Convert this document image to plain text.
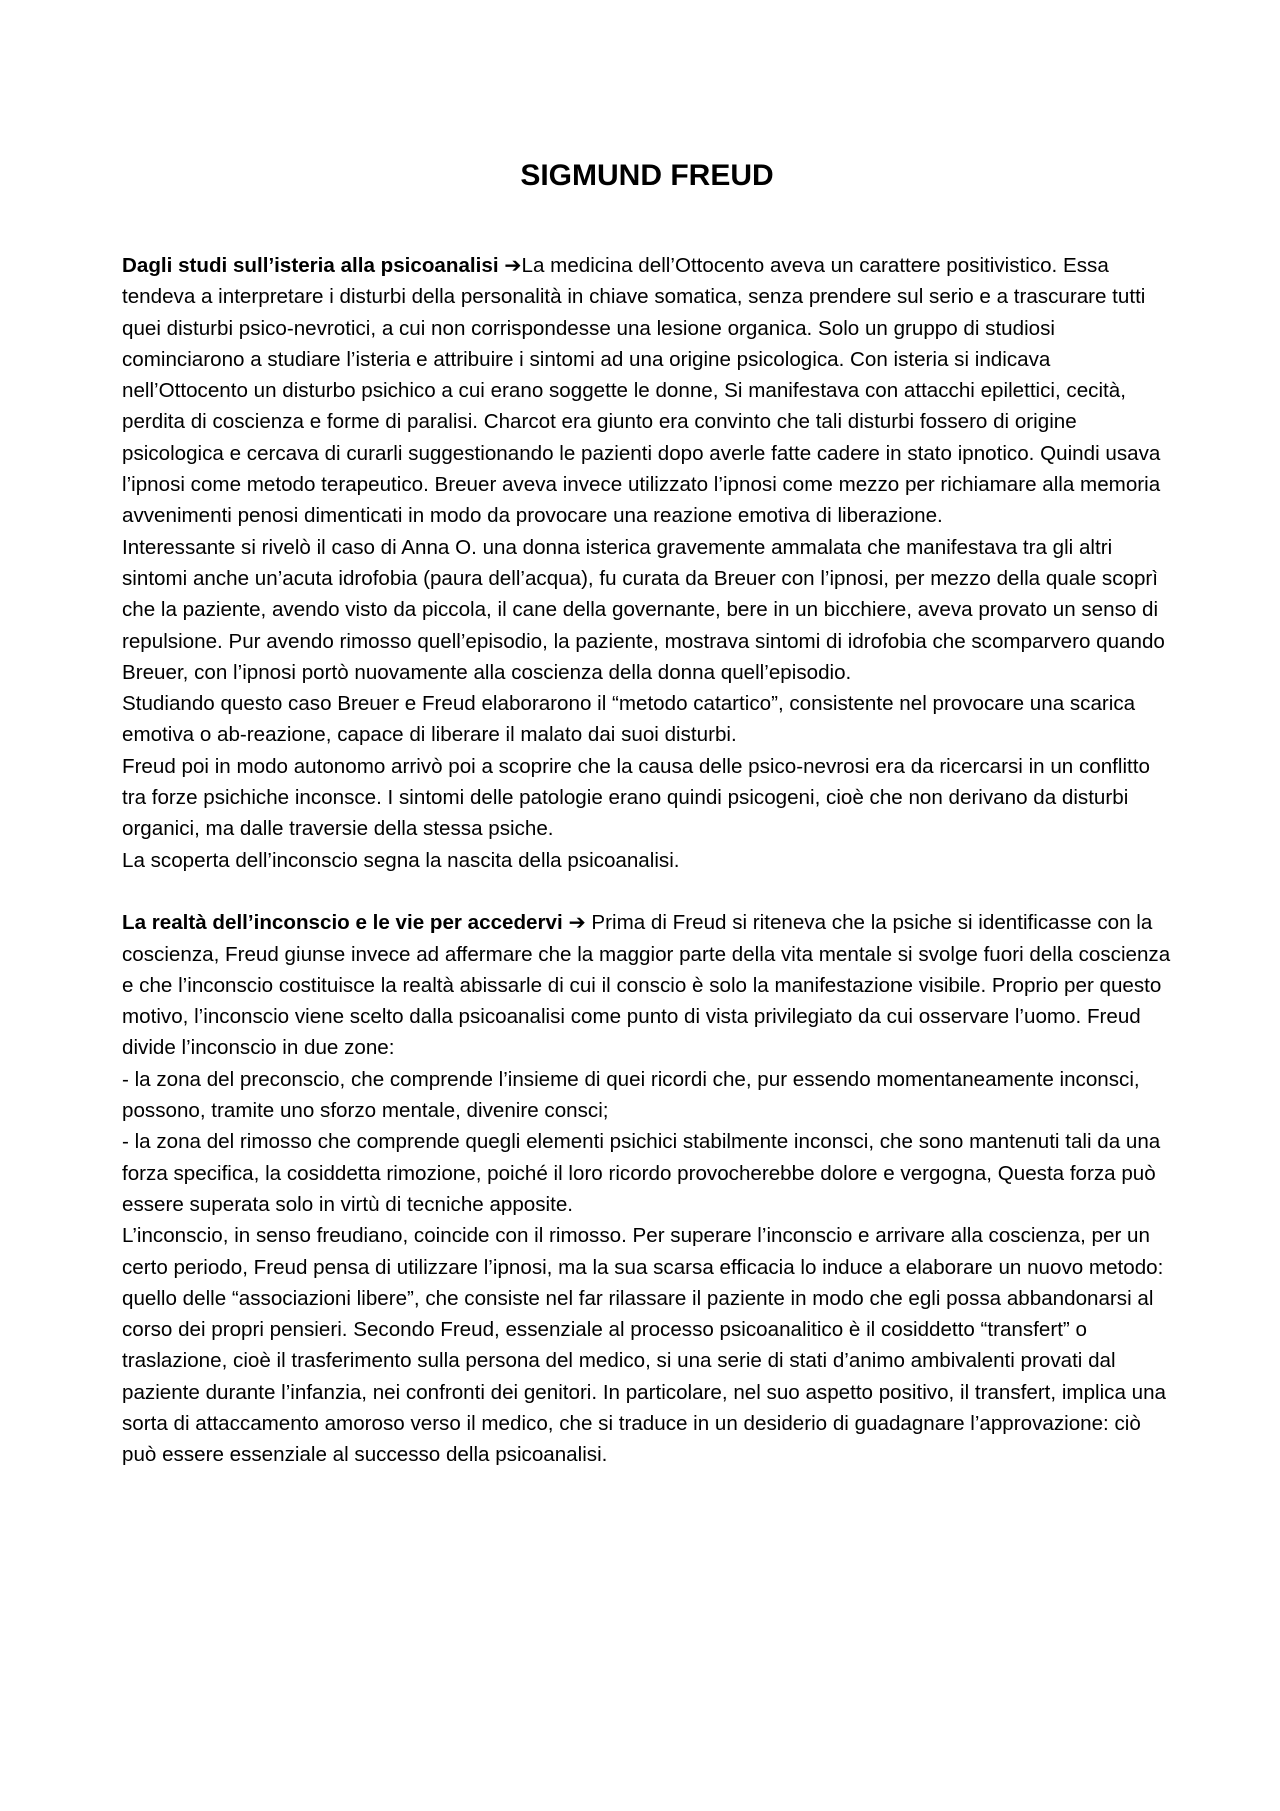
SIGMUND FREUD

Dagli studi sull’isteria alla psicoanalisi ➔La medicina dell’Ottocento aveva un carattere positivistico. Essa tendeva a interpretare i disturbi della personalità in chiave somatica, senza prendere sul serio e a trascurare tutti quei disturbi psico-nevrotici, a cui non corrispondesse una lesione organica. Solo un gruppo di studiosi cominciarono a studiare l’isteria e attribuire i sintomi ad una origine psicologica. Con isteria si indicava nell’Ottocento un disturbo psichico a cui erano soggette le donne, Si manifestava con attacchi epilettici, cecità, perdita di coscienza e forme di paralisi. Charcot era giunto era convinto che tali disturbi fossero di origine psicologica e cercava di curarli suggestionando le pazienti dopo averle fatte cadere in stato ipnotico. Quindi usava l’ipnosi come metodo terapeutico. Breuer aveva invece utilizzato l’ipnosi come mezzo per richiamare alla memoria avvenimenti penosi dimenticati in modo da provocare una reazione emotiva di liberazione.

Interessante si rivelò il caso di Anna O. una donna isterica gravemente ammalata che manifestava tra gli altri sintomi anche un’acuta idrofobia (paura dell’acqua), fu curata da Breuer con l’ipnosi, per mezzo della quale scoprì che la paziente, avendo visto da piccola, il cane della governante, bere in un bicchiere, aveva provato un senso di repulsione. Pur avendo rimosso quell’episodio, la paziente, mostrava sintomi di idrofobia che scomparvero quando Breuer, con l’ipnosi portò nuovamente alla coscienza della donna quell’episodio.

Studiando questo caso Breuer e Freud elaborarono il “metodo catartico”, consistente nel provocare una scarica emotiva o ab-reazione, capace di liberare il malato dai suoi disturbi.

Freud poi in modo autonomo arrivò poi a scoprire che la causa delle psico-nevrosi era da ricercarsi in un conflitto tra forze psichiche inconsce. I sintomi delle patologie erano quindi psicogeni, cioè che non derivano da disturbi organici, ma dalle traversie della stessa psiche.

La scoperta dell’inconscio segna la nascita della psicoanalisi.

La realtà dell’inconscio e le vie per accedervi ➔ Prima di Freud si riteneva che la psiche si identificasse con la coscienza, Freud giunse invece ad affermare che la maggior parte della vita mentale si svolge fuori della coscienza e che l’inconscio costituisce la realtà abissarle di cui il conscio è solo la manifestazione visibile. Proprio per questo motivo, l’inconscio viene scelto dalla psicoanalisi come punto di vista privilegiato da cui osservare l’uomo. Freud divide l’inconscio in due zone:

- la zona del preconscio, che comprende l’insieme di quei ricordi che, pur essendo momentaneamente inconsci, possono, tramite uno sforzo mentale, divenire consci;

- la zona del rimosso che comprende quegli elementi psichici stabilmente inconsci, che sono mantenuti tali da una forza specifica, la cosiddetta rimozione, poiché il loro ricordo provocherebbe dolore e vergogna, Questa forza può essere superata solo in virtù di tecniche apposite.

L’inconscio, in senso freudiano, coincide con il rimosso. Per superare l’inconscio e arrivare alla coscienza, per un certo periodo, Freud pensa di utilizzare l’ipnosi, ma la sua scarsa efficacia lo induce a elaborare un nuovo metodo: quello delle “associazioni libere”, che consiste nel far rilassare il paziente in modo che egli possa abbandonarsi al corso dei propri pensieri. Secondo Freud, essenziale al processo psicoanalitico è il cosiddetto “transfert” o traslazione, cioè il trasferimento sulla persona del medico, si una serie di stati d’animo ambivalenti provati dal paziente durante l’infanzia, nei confronti dei genitori. In particolare, nel suo aspetto positivo, il transfert, implica una sorta di attaccamento amoroso verso il medico, che si traduce in un desiderio di guadagnare l’approvazione: ciò può essere essenziale al successo della psicoanalisi.
